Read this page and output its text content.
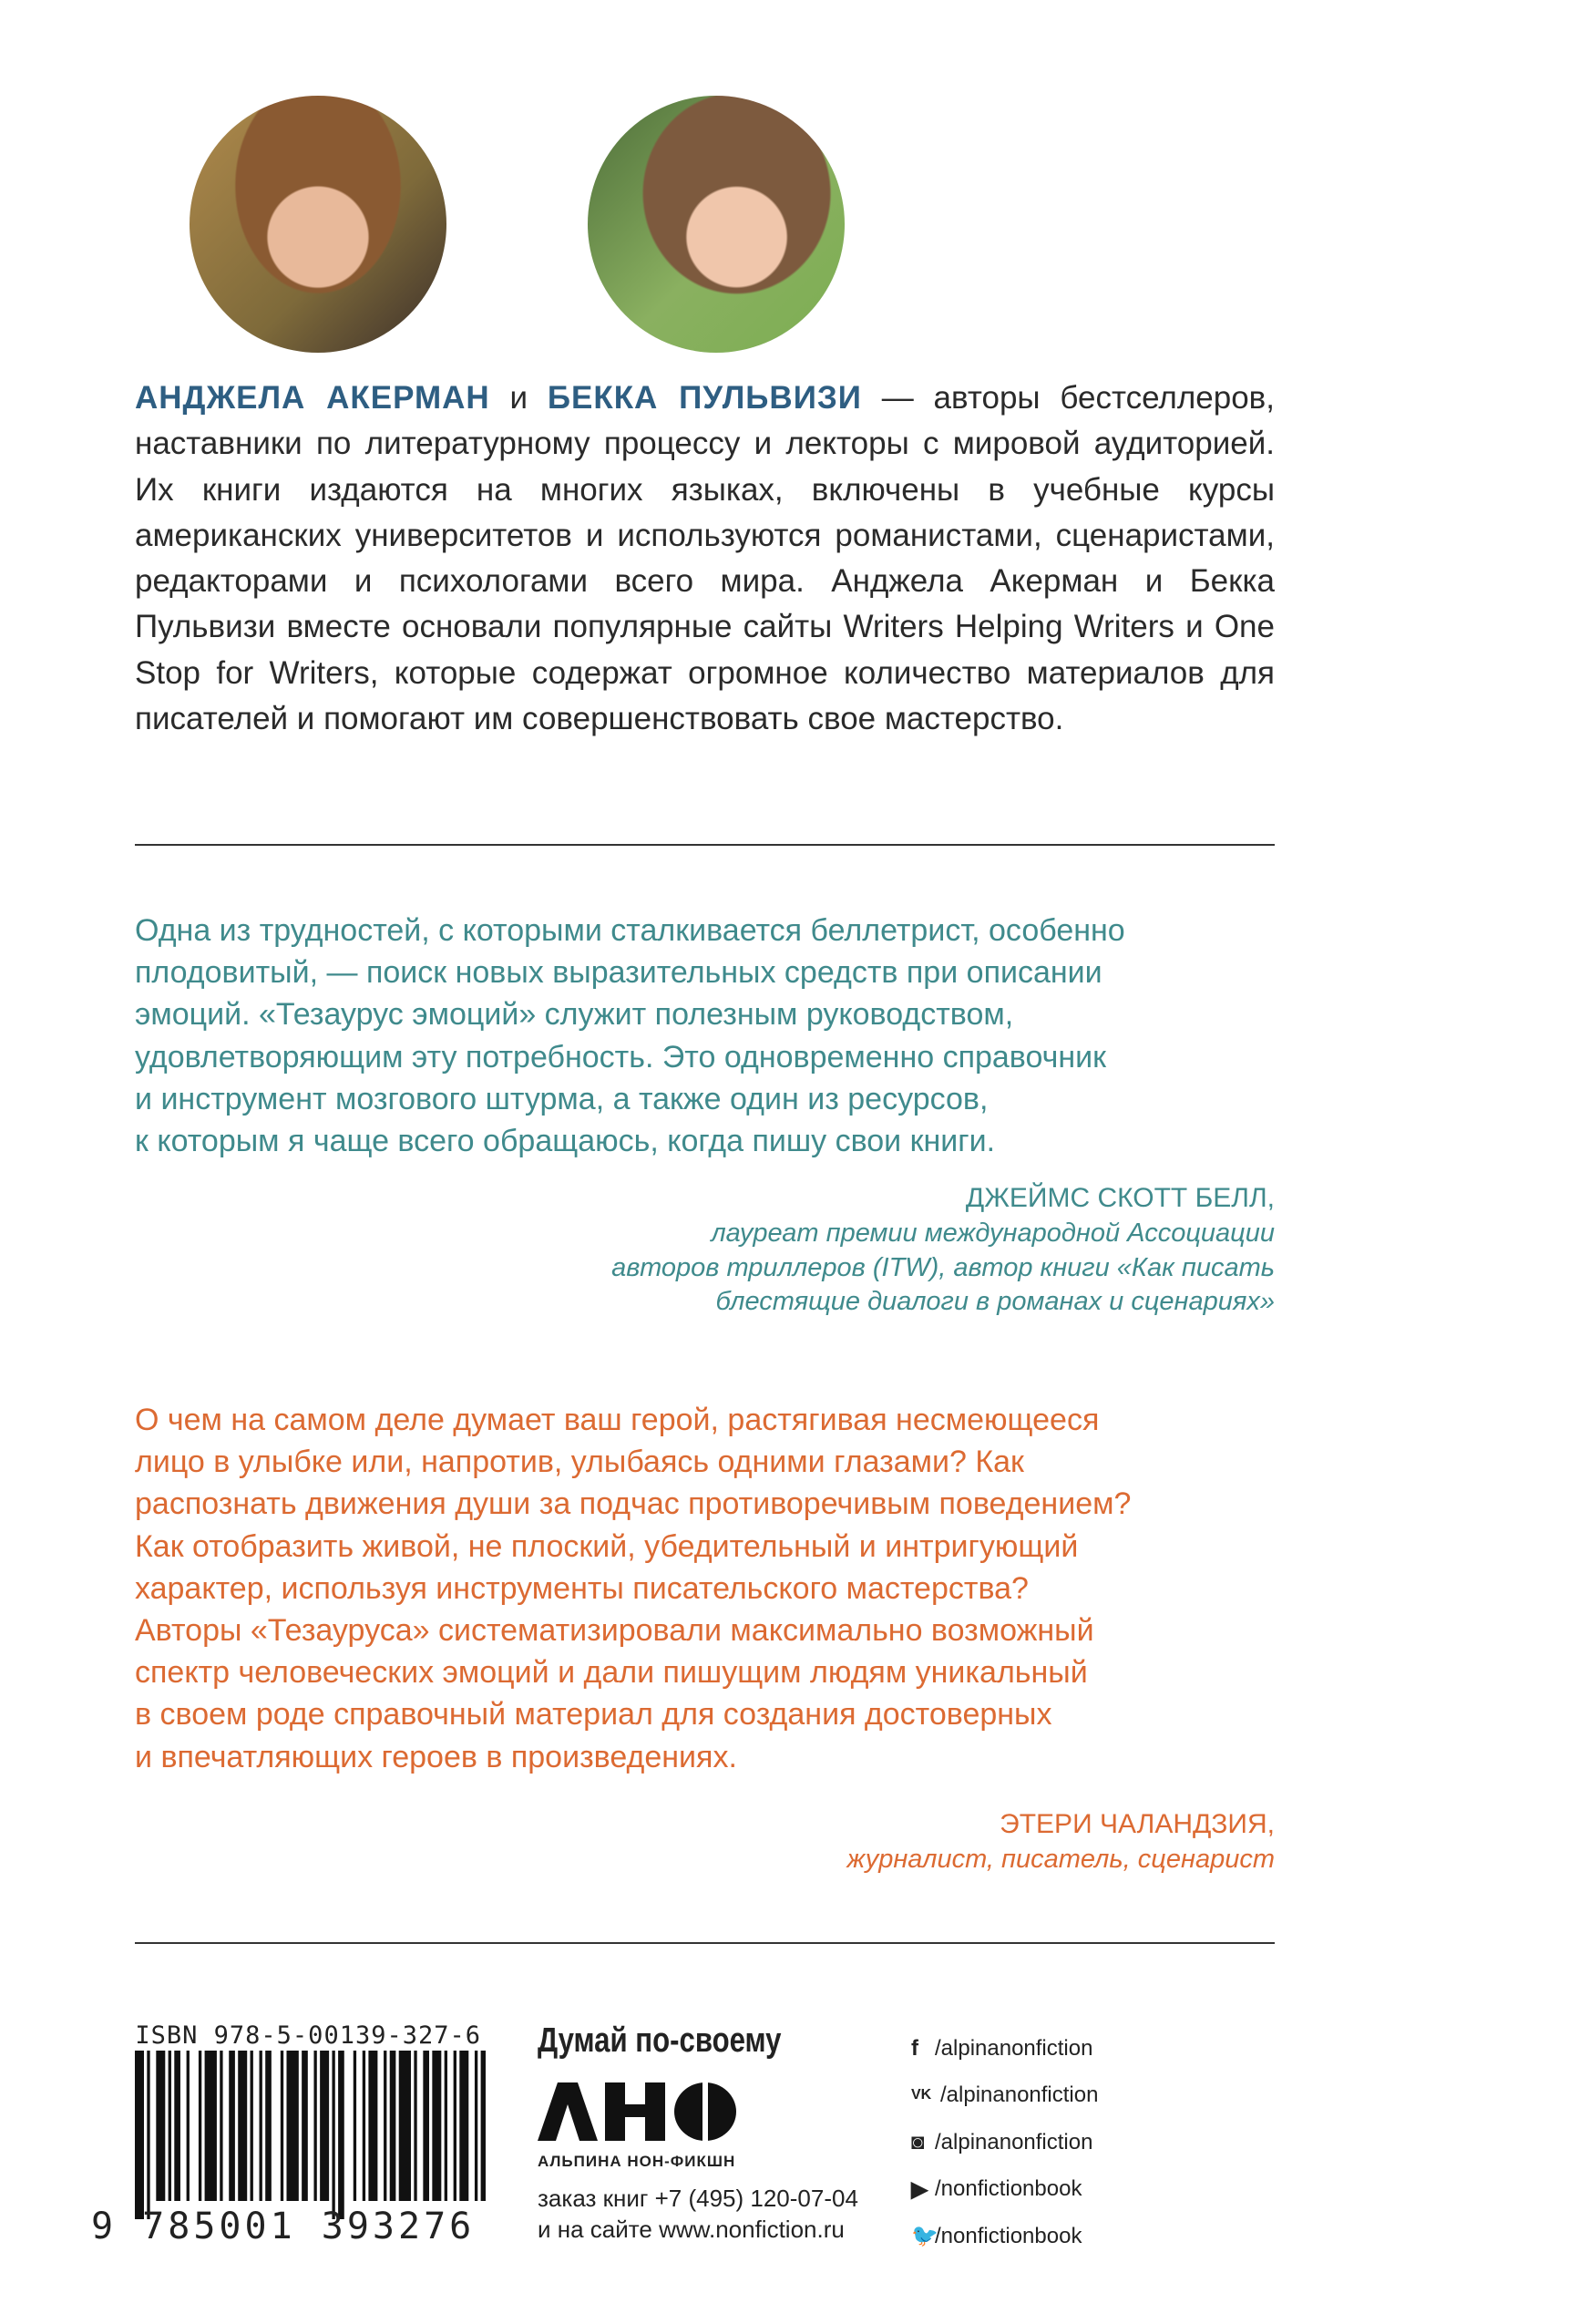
АНДЖЕЛА АКЕРМАН и БЕККА ПУЛЬВИЗИ — авторы бестселлеров, наставники по литературному процессу и лекторы с мировой аудиторией. Их книги издаются на многих языках, включены в учебные курсы американских университетов и используются романистами, сценаристами, редакторами и психологами всего мира. Анджела Акерман и Бекка Пульвизи вместе основали популярные сайты Writers Helping Writers и One Stop for Writers, которые содержат огромное количество материалов для писателей и помогают им совершенствовать свое мастерство.
Одна из трудностей, с которыми сталкивается беллетрист, особенно
плодовитый, — поиск новых выразительных средств при описании
эмоций. «Тезаурус эмоций» служит полезным руководством,
удовлетворяющим эту потребность. Это одновременно справочник
и инструмент мозгового штурма, а также один из ресурсов,
к которым я чаще всего обращаюсь, когда пишу свои книги.
ДЖЕЙМС СКОТТ БЕЛЛ,
лауреат премии международной Ассоциации
авторов триллеров (ITW), автор книги «Как писать
блестящие диалоги в романах и сценариях»
О чем на самом деле думает ваш герой, растягивая несмеющееся
лицо в улыбке или, напротив, улыбаясь одними глазами? Как
распознать движения души за подчас противоречивым поведением?
Как отобразить живой, не плоский, убедительный и интригующий
характер, используя инструменты писательского мастерства?
Авторы «Тезауруса» систематизировали максимально возможный
спектр человеческих эмоций и дали пишущим людям уникальный
в своем роде справочный материал для создания достоверных
и впечатляющих героев в произведениях.
ЭТЕРИ ЧАЛАНДЗИЯ,
журналист, писатель, сценарист
ISBN 978-5-00139-327-6
9 785001 393276
Думай по-своему
АЛЬПИНА НОН-ФИКШН
заказ книг +7 (495) 120-07-04
и на сайте www.nonfiction.ru
f /alpinanonfiction
VK /alpinanonfiction
◙ /alpinanonfiction
▶ /nonfictionbook
🐦
/nonfictionbook
